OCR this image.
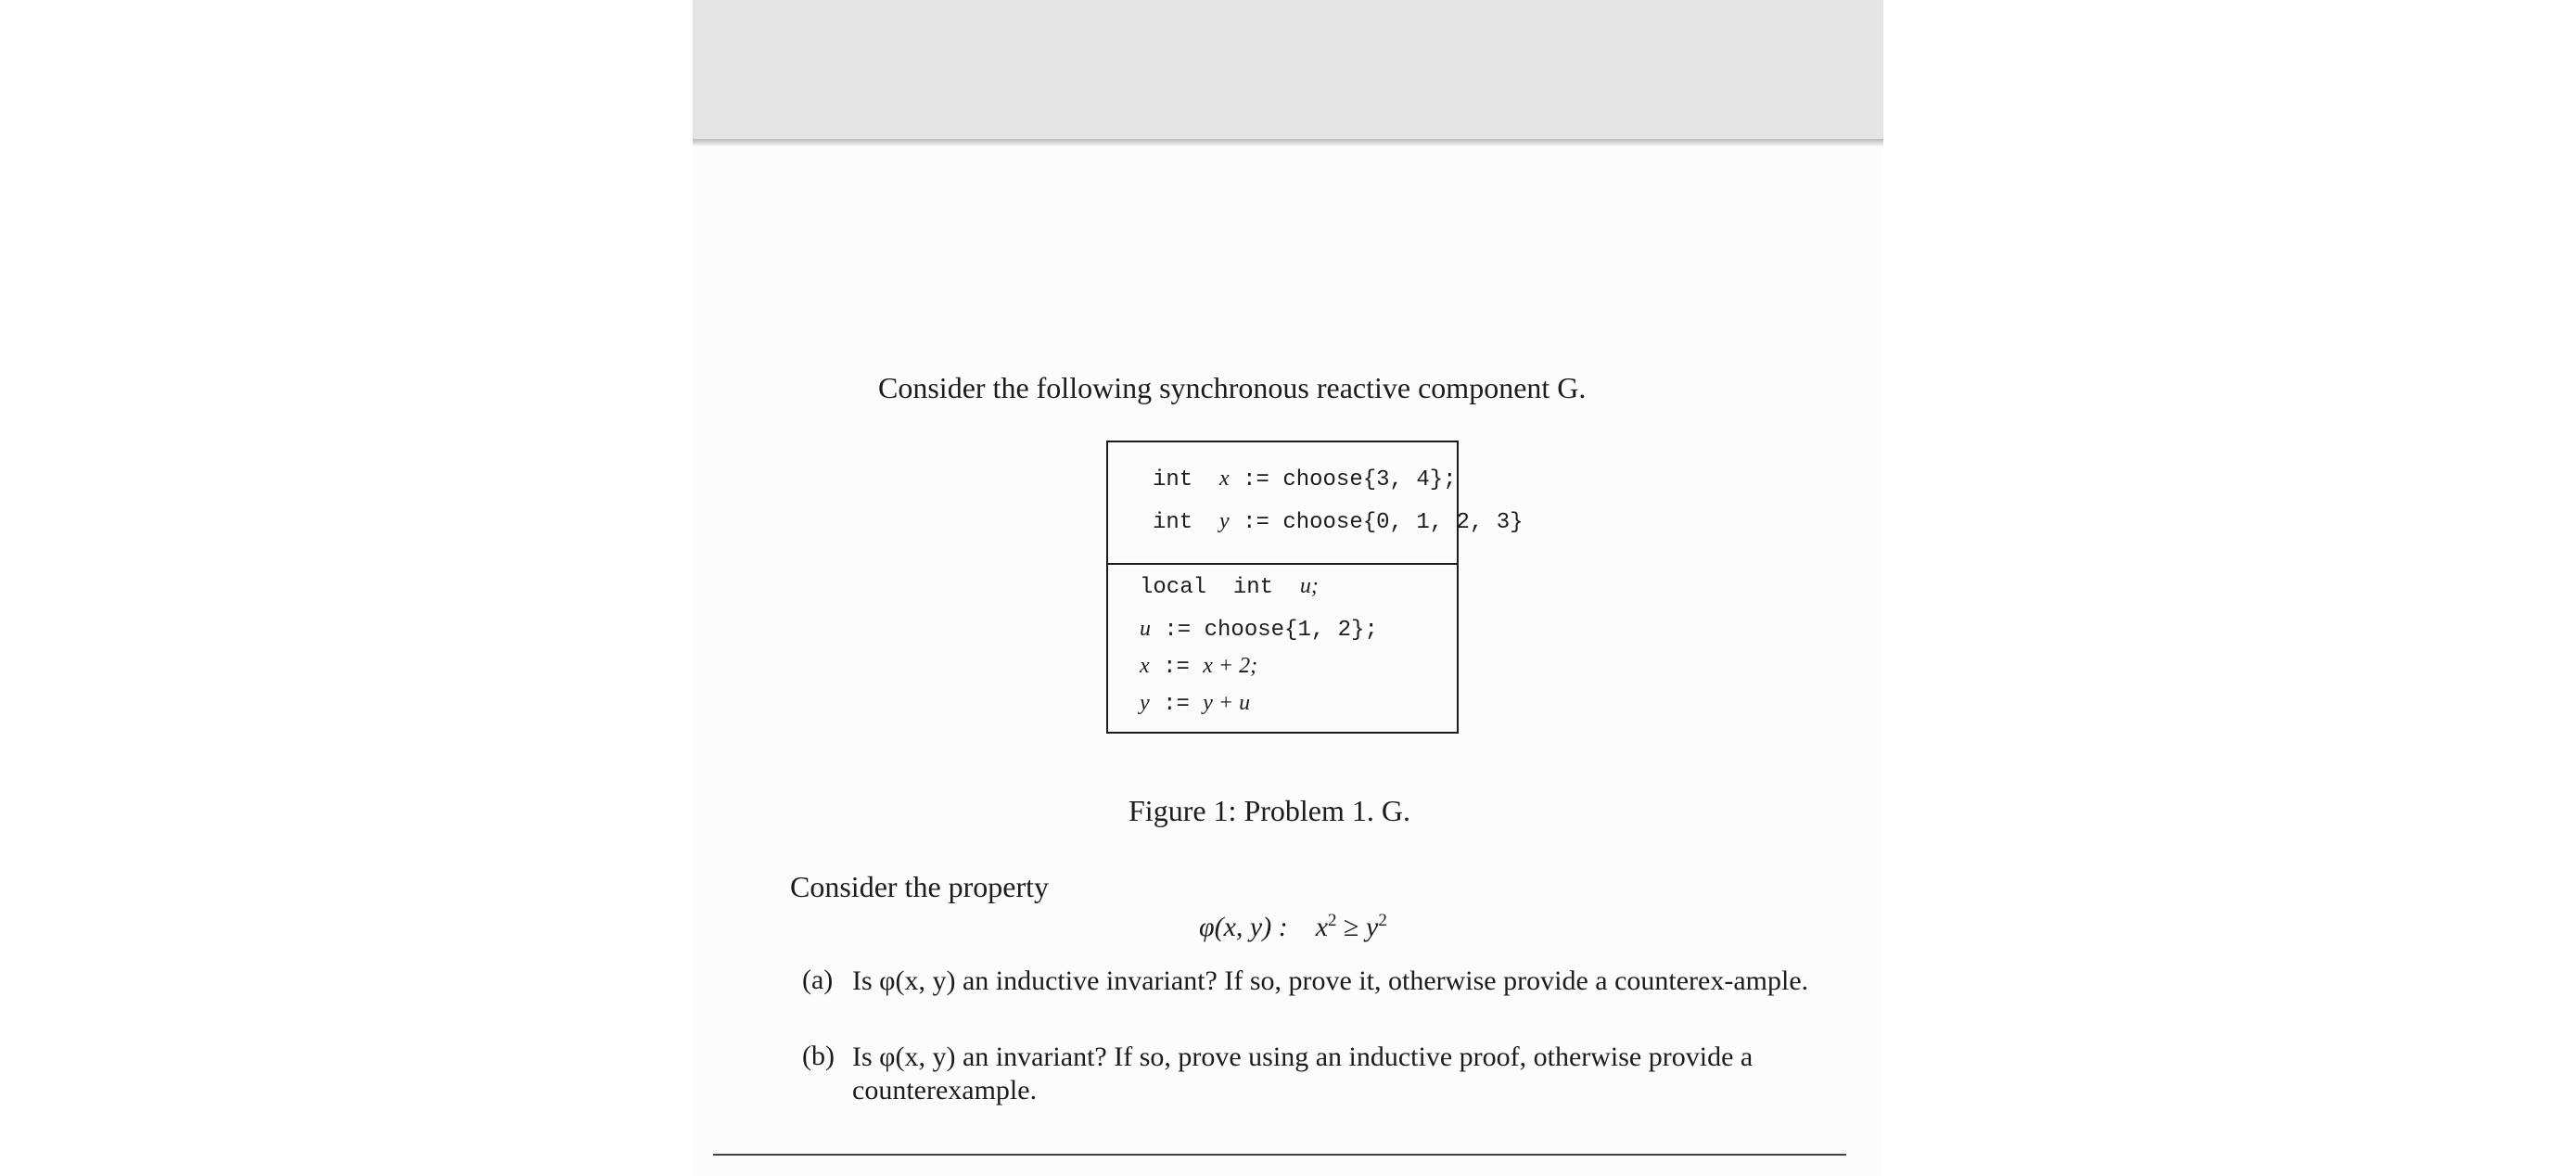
Consider the following synchronous reactive component G.
int x := choose{3, 4};
int y := choose{0, 1, 2, 3}
local int u;
u := choose{1, 2};
x := x + 2;
y := y + u
Figure 1: Problem 1. G.
Consider the property
φ(x, y) : $x^2 \ge y^2$
(a) Is φ(x, y) an inductive invariant? If so, prove it, otherwise provide a counterex-ample.
(b) Is φ(x, y) an invariant? If so, prove using an inductive proof, otherwise provide a counterexample.
